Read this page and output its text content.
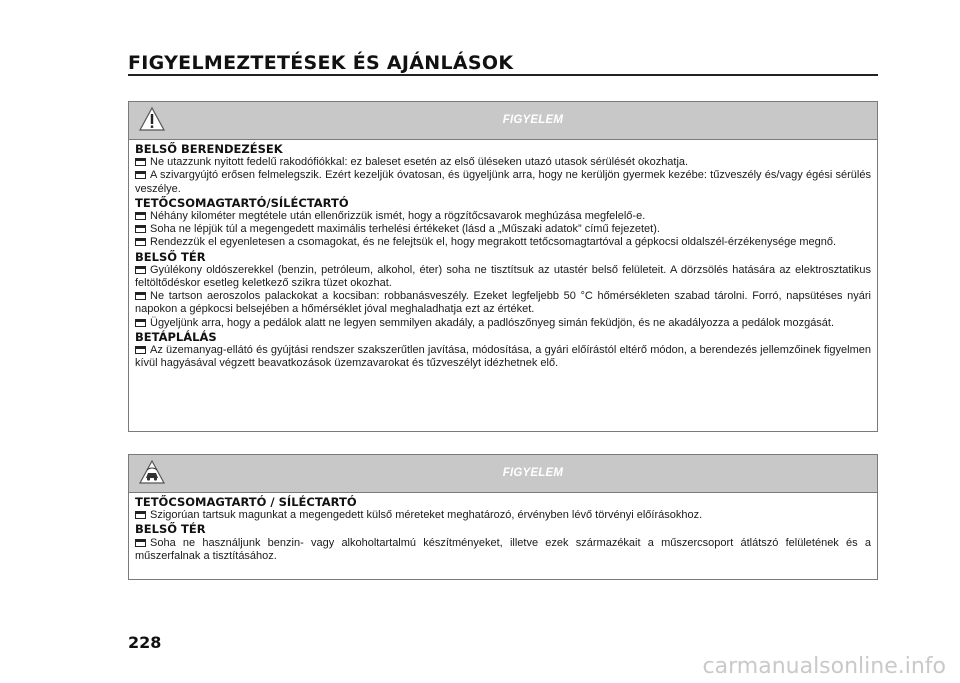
FIGYELMEZTETÉSEK ÉS AJÁNLÁSOK
FIGYELEM
BELSŐ BERENDEZÉSEK
Ne utazzunk nyitott fedelű rakodófiókkal: ez baleset esetén az első üléseken utazó utasok sérülését okozhatja.
A szivargyújtó erősen felmelegszik. Ezért kezeljük óvatosan, és ügyeljünk arra, hogy ne kerüljön gyermek kezébe: tűzveszély és/vagy égési sérülés veszélye.
TETŐCSOMAGTARTÓ/SÍLÉCTARTÓ
Néhány kilométer megtétele után ellenőrizzük ismét, hogy a rögzítőcsavarok meghúzása megfelelő-e.
Soha ne lépjük túl a megengedett maximális terhelési értékeket (lásd a „Műszaki adatok” című fejezetet).
Rendezzük el egyenletesen a csomagokat, és ne felejtsük el, hogy megrakott tetőcsomagtartóval a gépkocsi oldalszél-érzékenysége megnő.
BELSŐ TÉR
Gyúlékony oldószerekkel (benzin, petróleum, alkohol, éter) soha ne tisztítsuk az utastér belső felületeit. A dörzsölés hatására az elektrosztatikus feltöltődéskor esetleg keletkező szikra tüzet okozhat.
Ne tartson aeroszolos palackokat a kocsiban: robbanásveszély. Ezeket legfeljebb 50 °C hőmérsékleten szabad tárolni. Forró, napsütéses nyári napokon a gépkocsi belsejében a hőmérséklet jóval meghaladhatja ezt az értéket.
Ügyeljünk arra, hogy a pedálok alatt ne legyen semmilyen akadály, a padlószőnyeg simán feküdjön, és ne akadályozza a pedálok mozgását.
BETÁPLÁLÁS
Az üzemanyag-ellátó és gyújtási rendszer szakszerűtlen javítása, módosítása, a gyári előírástól eltérő módon, a berendezés jellemzőinek figyelmen kívül hagyásával végzett beavatkozások üzemzavarokat és tűzveszélyt idézhetnek elő.
FIGYELEM
TETŐCSOMAGTARTÓ / SÍLÉCTARTÓ
Szigorúan tartsuk magunkat a megengedett külső méreteket meghatározó, érvényben lévő törvényi előírásokhoz.
BELSŐ TÉR
Soha ne használjunk benzin- vagy alkoholtartalmú készítményeket, illetve ezek származékait a műszercsoport átlátszó felületének és a műszerfalnak a tisztításához.
228
carmanualsonline.info
